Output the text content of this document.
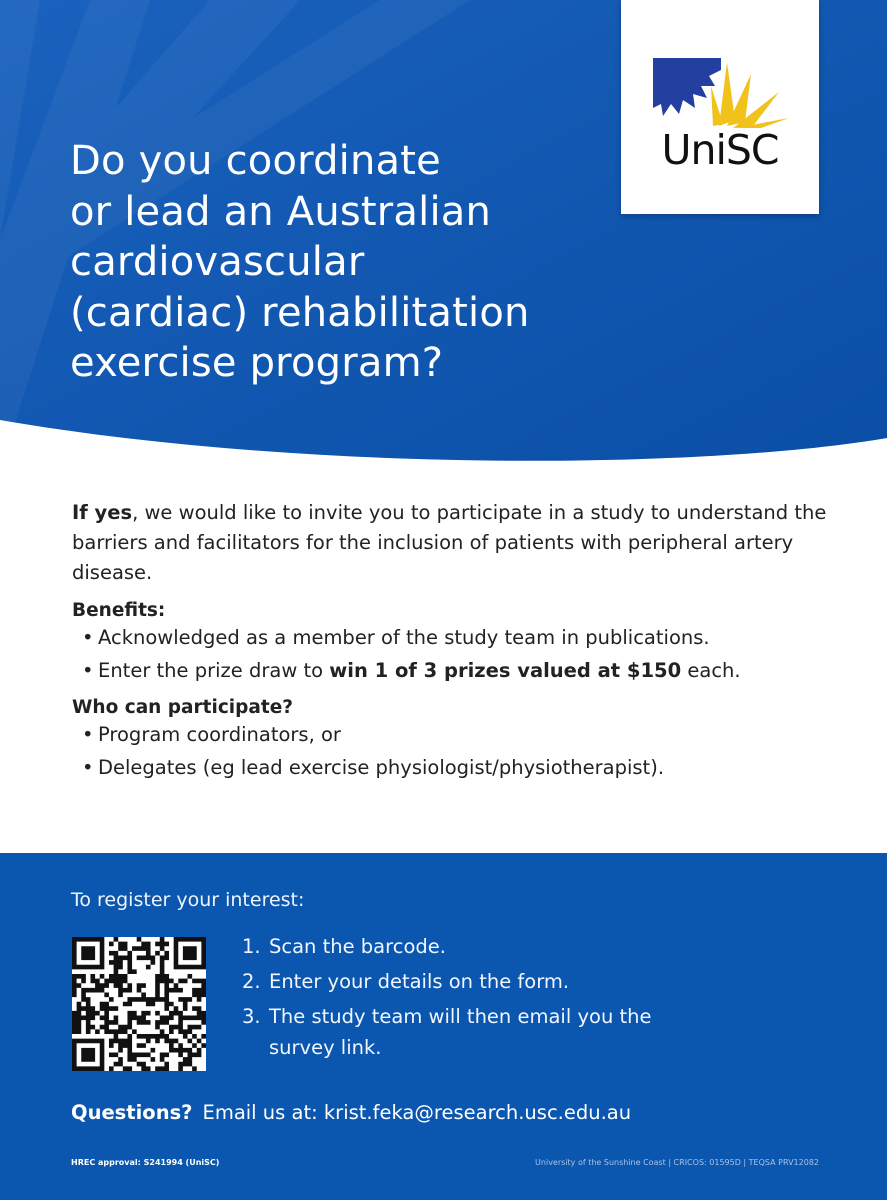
Do you coordinate
or lead an Australian
cardiovascular
(cardiac) rehabilitation
exercise program?
UniSC

If yes, we would like to invite you to participate in a study to understand the barriers and facilitators for the inclusion of patients with peripheral artery disease.

Benefits:
• Acknowledged as a member of the study team in publications.
• Enter the prize draw to win 1 of 3 prizes valued at $150 each.
Who can participate?
• Program coordinators, or
• Delegates (eg lead exercise physiologist/physiotherapist).
To register your interest:
1. Scan the barcode.
2. Enter your details on the form.
3. The study team will then email you the survey link.
Questions? Email us at: krist.feka@research.usc.edu.au
HREC approval: S241994 (UniSC)	University of the Sunshine Coast | CRICOS: 01595D | TEQSA PRV12082
